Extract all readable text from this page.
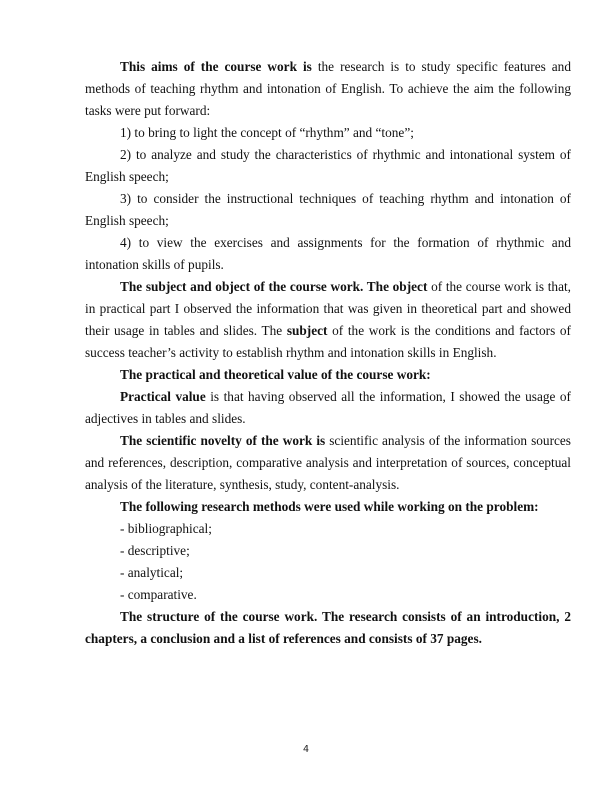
This aims of the course work is the research is to study specific features and methods of teaching rhythm and intonation of English. To achieve the aim the following tasks were put forward:

1) to bring to light the concept of “rhythm” and “tone”;

2) to analyze and study the characteristics of rhythmic and intonational system of English speech;

3) to consider the instructional techniques of teaching rhythm and intonation of English speech;

4) to view the exercises and assignments for the formation of rhythmic and intonation skills of pupils.

The subject and object of the course work. The object of the course work is that, in practical part I observed the information that was given in theoretical part and showed their usage in tables and slides. The subject of the work is the conditions and factors of success teacher’s activity to establish rhythm and intonation skills in English.

The practical and theoretical value of the course work:

Practical value is that having observed all the information, I showed the usage of adjectives in tables and slides.

The scientific novelty of the work is scientific analysis of the information sources and references, description, comparative analysis and interpretation of sources, conceptual analysis of the literature, synthesis, study, content-analysis.

The following research methods were used while working on the problem:

- bibliographical;

- descriptive;

- analytical;

- comparative.

The structure of the course work. The research consists of an introduction, 2 chapters, a conclusion and a list of references and consists of 37 pages.

4
